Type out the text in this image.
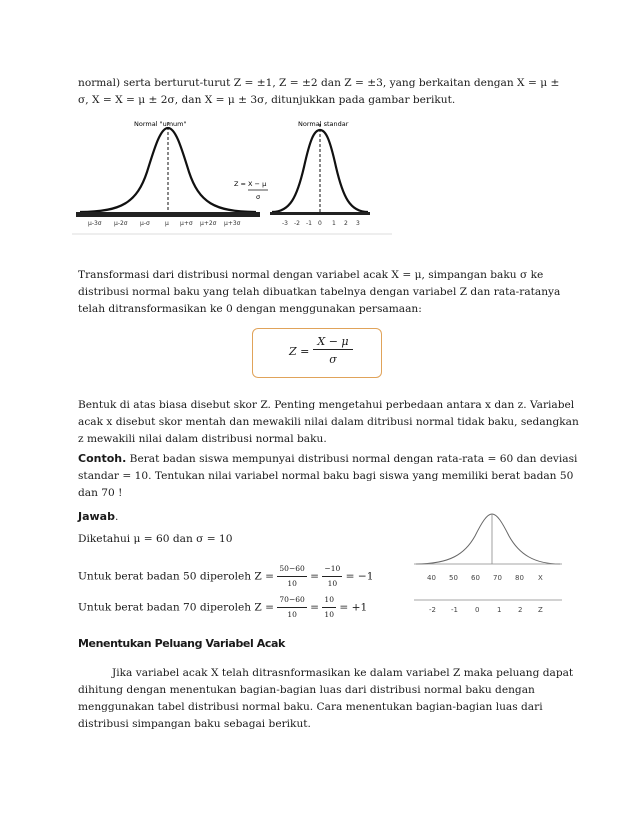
normal) serta berturut-turut Z = ±1, Z = ±2 dan Z = ±3, yang berkaitan dengan X = μ ±
σ, X = X = μ ± 2σ, dan X = μ ± 3σ, ditunjukkan pada gambar berikut.
Normal "umum"
μ-3σ μ-2σ μ-σ	μ μ+σ μ+2σ μ+3σ
Z = X − μ
σ
Normal standar
-3 -2 -1 0 1 2 3
Transformasi dari distribusi normal dengan variabel acak X = μ, simpangan baku σ ke
distribusi normal baku yang telah dibuatkan tabelnya dengan variabel Z dan rata-ratanya
telah ditransformasikan ke 0 dengan menggunakan persamaan:
Z =
X − μ
σ
Bentuk di atas biasa disebut skor Z. Penting mengetahui perbedaan antara x dan z. Variabel
acak x disebut skor mentah dan mewakili nilai dalam ditribusi normal tidak baku, sedangkan
z mewakili nilai dalam distribusi normal baku.
Contoh. Berat badan siswa mempunyai distribusi normal dengan rata-rata = 60 dan deviasi
standar = 10. Tentukan nilai variabel normal baku bagi siswa yang memiliki berat badan 50
dan 70 !
Jawab.
Diketahui μ = 60 dan σ = 10
Untuk berat badan 50 diperoleh $Z = \frac{50-60}{10} = \frac{-10}{10} = -1$
Untuk berat badan 70 diperoleh $Z = \frac{70-60}{10} = \frac{10}{10} = +1$
40 50 60 70 80 X
-2 -1 0	1 2 Z
Menentukan Peluang Variabel Acak
Jika variabel acak X telah ditrasnformasikan ke dalam variabel Z maka peluang dapat
dihitung dengan menentukan bagian-bagian luas dari distribusi normal baku dengan
menggunakan tabel distribusi normal baku. Cara menentukan bagian-bagian luas dari
distribusi simpangan baku sebagai berikut.
